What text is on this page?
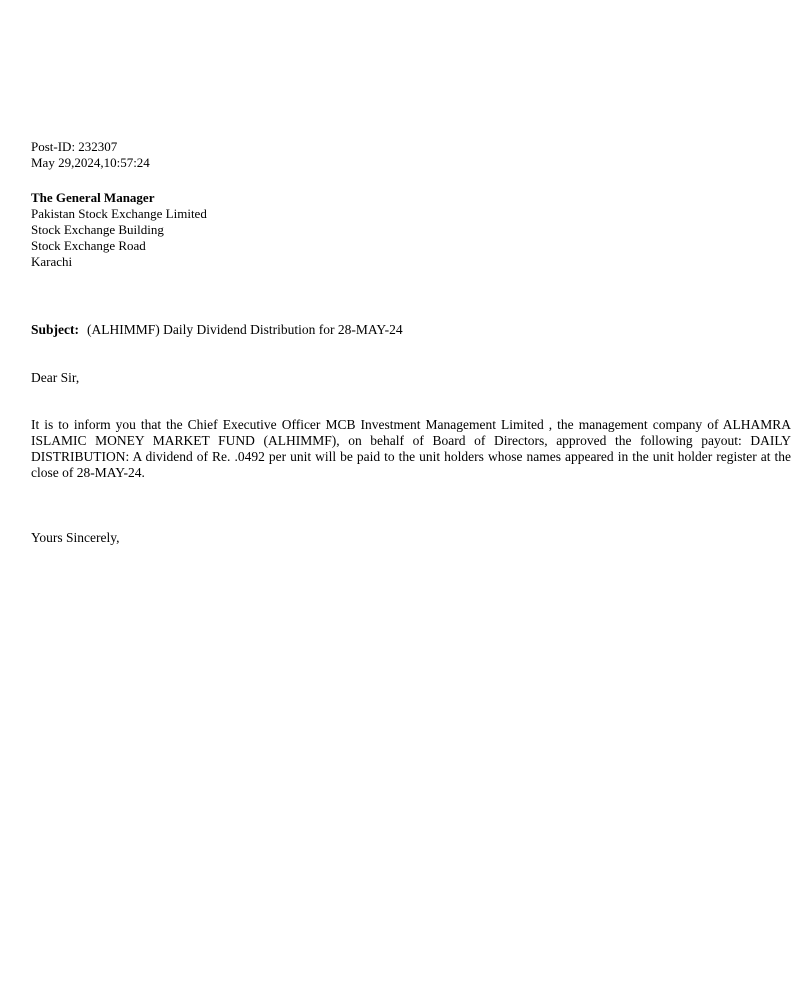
Post-ID: 232307
May 29,2024,10:57:24
The General Manager
Pakistan Stock Exchange Limited
Stock Exchange Building
Stock Exchange Road
Karachi
Subject: (ALHIMMF) Daily Dividend Distribution for 28-MAY-24
Dear Sir,
It is to inform you that the Chief Executive Officer MCB Investment Management Limited , the management company of ALHAMRA ISLAMIC MONEY MARKET FUND (ALHIMMF), on behalf of Board of Directors, approved the following payout: DAILY DISTRIBUTION: A dividend of Re. .0492 per unit will be paid to the unit holders whose names appeared in the unit holder register at the close of 28-MAY-24.
Yours Sincerely,
